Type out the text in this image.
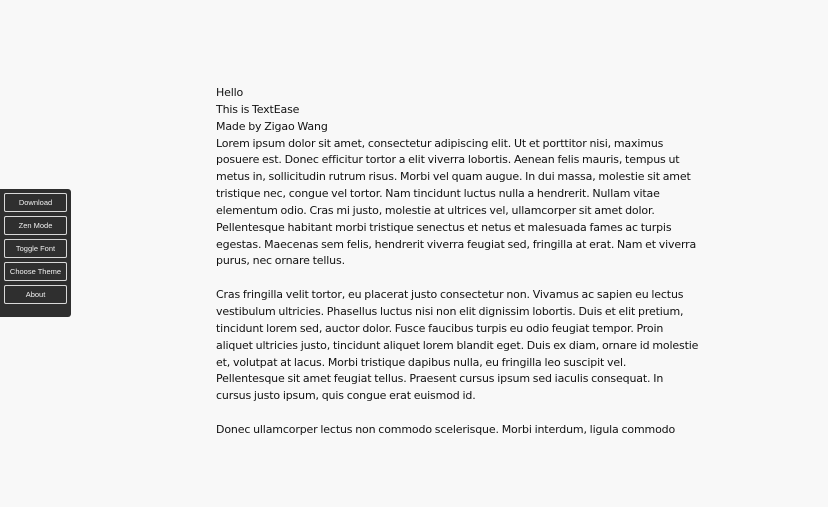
Hello

This is TextEase

Made by Zigao Wang

Lorem ipsum dolor sit amet, consectetur adipiscing elit. Ut et porttitor nisi, maximus

posuere est. Donec efficitur tortor a elit viverra lobortis. Aenean felis mauris, tempus ut

metus in, sollicitudin rutrum risus. Morbi vel quam augue. In dui massa, molestie sit amet

tristique nec, congue vel tortor. Nam tincidunt luctus nulla a hendrerit. Nullam vitae

elementum odio. Cras mi justo, molestie at ultrices vel, ullamcorper sit amet dolor.

Pellentesque habitant morbi tristique senectus et netus et malesuada fames ac turpis

egestas. Maecenas sem felis, hendrerit viverra feugiat sed, fringilla at erat. Nam et viverra

purus, nec ornare tellus.

Cras fringilla velit tortor, eu placerat justo consectetur non. Vivamus ac sapien eu lectus

vestibulum ultricies. Phasellus luctus nisi non elit dignissim lobortis. Duis et elit pretium,

tincidunt lorem sed, auctor dolor. Fusce faucibus turpis eu odio feugiat tempor. Proin

aliquet ultricies justo, tincidunt aliquet lorem blandit eget. Duis ex diam, ornare id molestie

et, volutpat at lacus. Morbi tristique dapibus nulla, eu fringilla leo suscipit vel.

Pellentesque sit amet feugiat tellus. Praesent cursus ipsum sed iaculis consequat. In

cursus justo ipsum, quis congue erat euismod id.

Donec ullamcorper lectus non commodo scelerisque. Morbi interdum, ligula commodo

Download
Zen Mode
Toggle Font
Choose Theme
About
